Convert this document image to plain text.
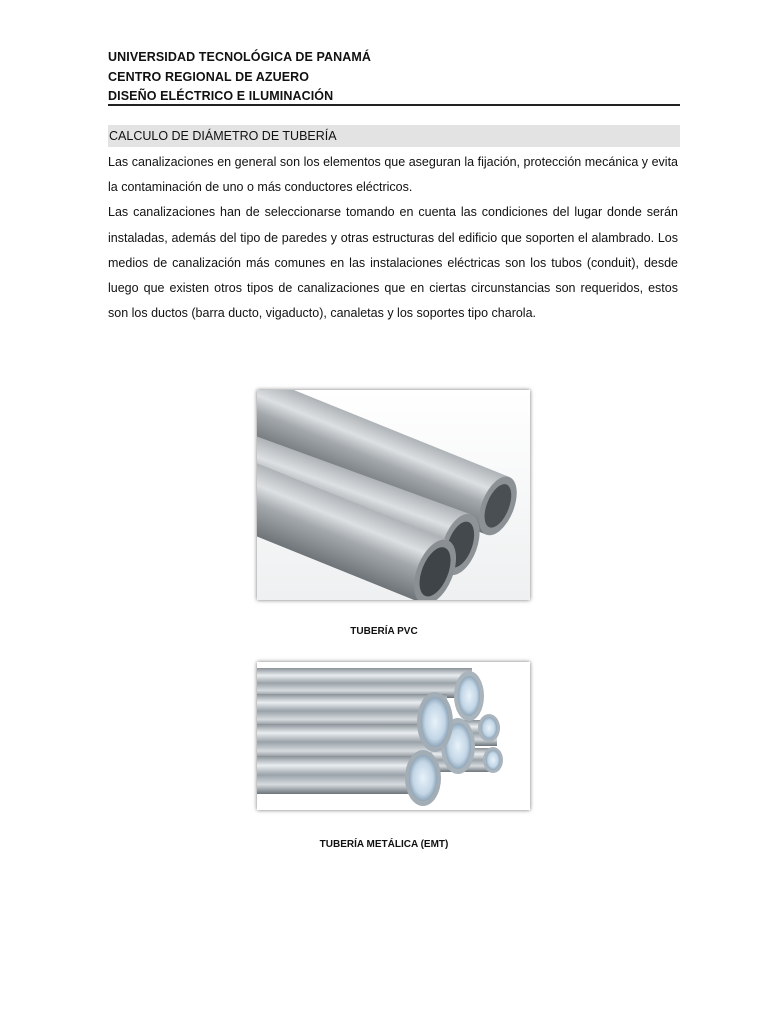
UNIVERSIDAD TECNOLÓGICA DE PANAMÁ
CENTRO REGIONAL DE AZUERO
DISEÑO ELÉCTRICO E ILUMINACIÓN
CALCULO DE DIÁMETRO DE TUBERÍA

Las canalizaciones en general son los elementos que aseguran la fijación, protección mecánica y evita la contaminación de uno o más conductores eléctricos.

Las canalizaciones han de seleccionarse tomando en cuenta las condiciones del lugar donde serán instaladas, además del tipo de paredes y otras estructuras del edificio que soporten el alambrado. Los medios de canalización más comunes en las instalaciones eléctricas son los tubos (conduit), desde luego que existen otros tipos de canalizaciones que en ciertas circunstancias son requeridos, estos son los ductos (barra ducto, vigaducto), canaletas y los soportes tipo charola.

TUBERÍA PVC
TUBERÍA METÁLICA (EMT)
